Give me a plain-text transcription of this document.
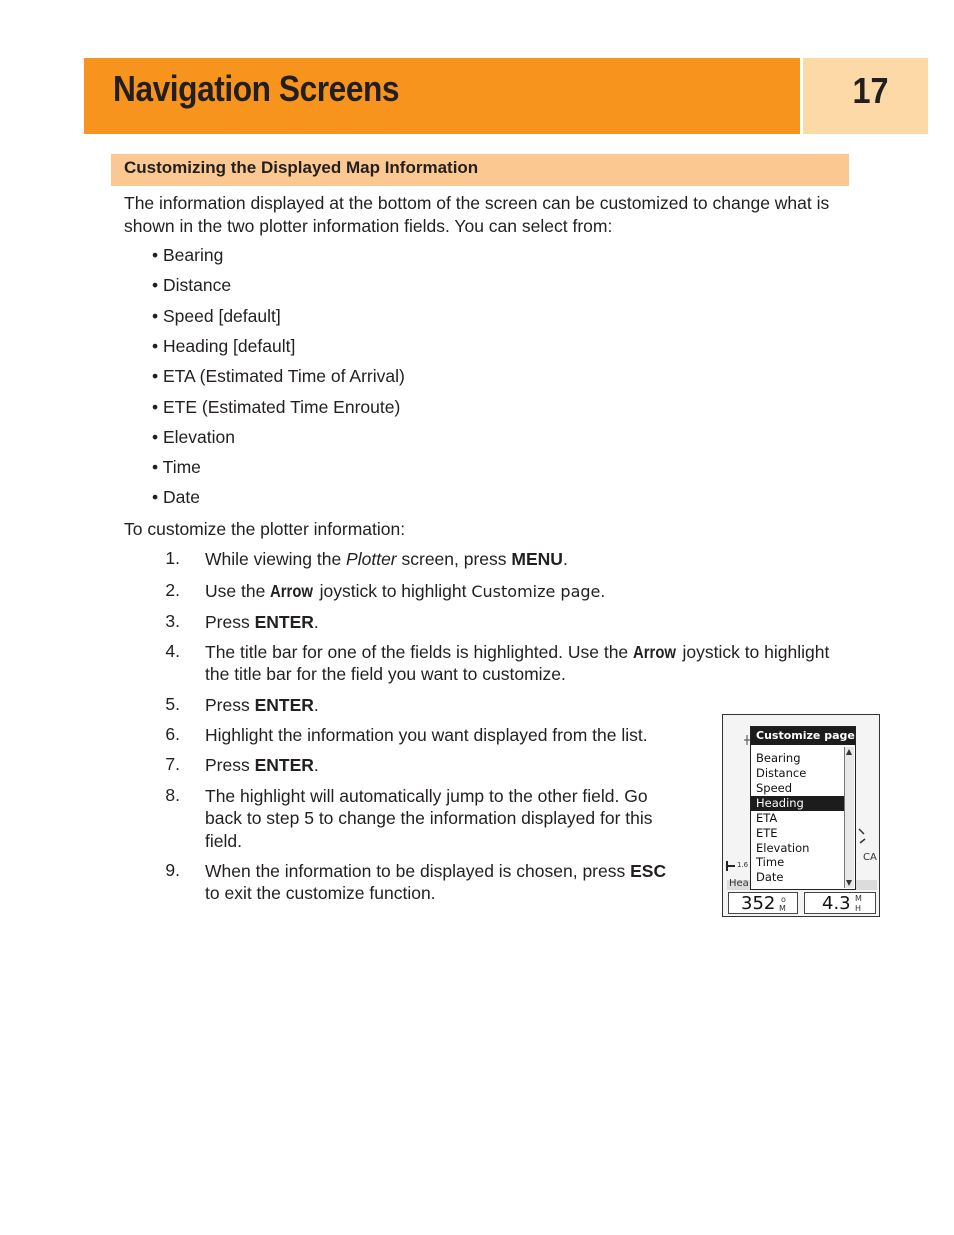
Navigation Screens	17
Customizing the Displayed Map Information
The information displayed at the bottom of the screen can be customized to change what is shown in the two plotter information fields. You can select from:
• Bearing
• Distance
• Speed [default]
• Heading [default]
• ETA (Estimated Time of Arrival)
• ETE (Estimated Time Enroute)
• Elevation
• Time
• Date
To customize the plotter information:
1. While viewing the Plotter screen, press MENU.
2. Use the Arrow joystick to highlight Customize page.
3. Press ENTER.
4. The title bar for one of the fields is highlighted. Use the Arrow joystick to highlight
the title bar for the field you want to customize.
5. Press ENTER.
6. Highlight the information you want displayed from the list.
7. Press ENTER.
8. The highlight will automatically jump to the other field. Go
back to step 5 to change the information displayed for this
field.
9. When the information to be displayed is chosen, press ESC
to exit the customize function.	Hea
CA
1.6
Customize page
Bearing
Distance
Speed
Heading
ETA
ETE
Elevation
Time
Date
352 o
M 4.3 M
H
